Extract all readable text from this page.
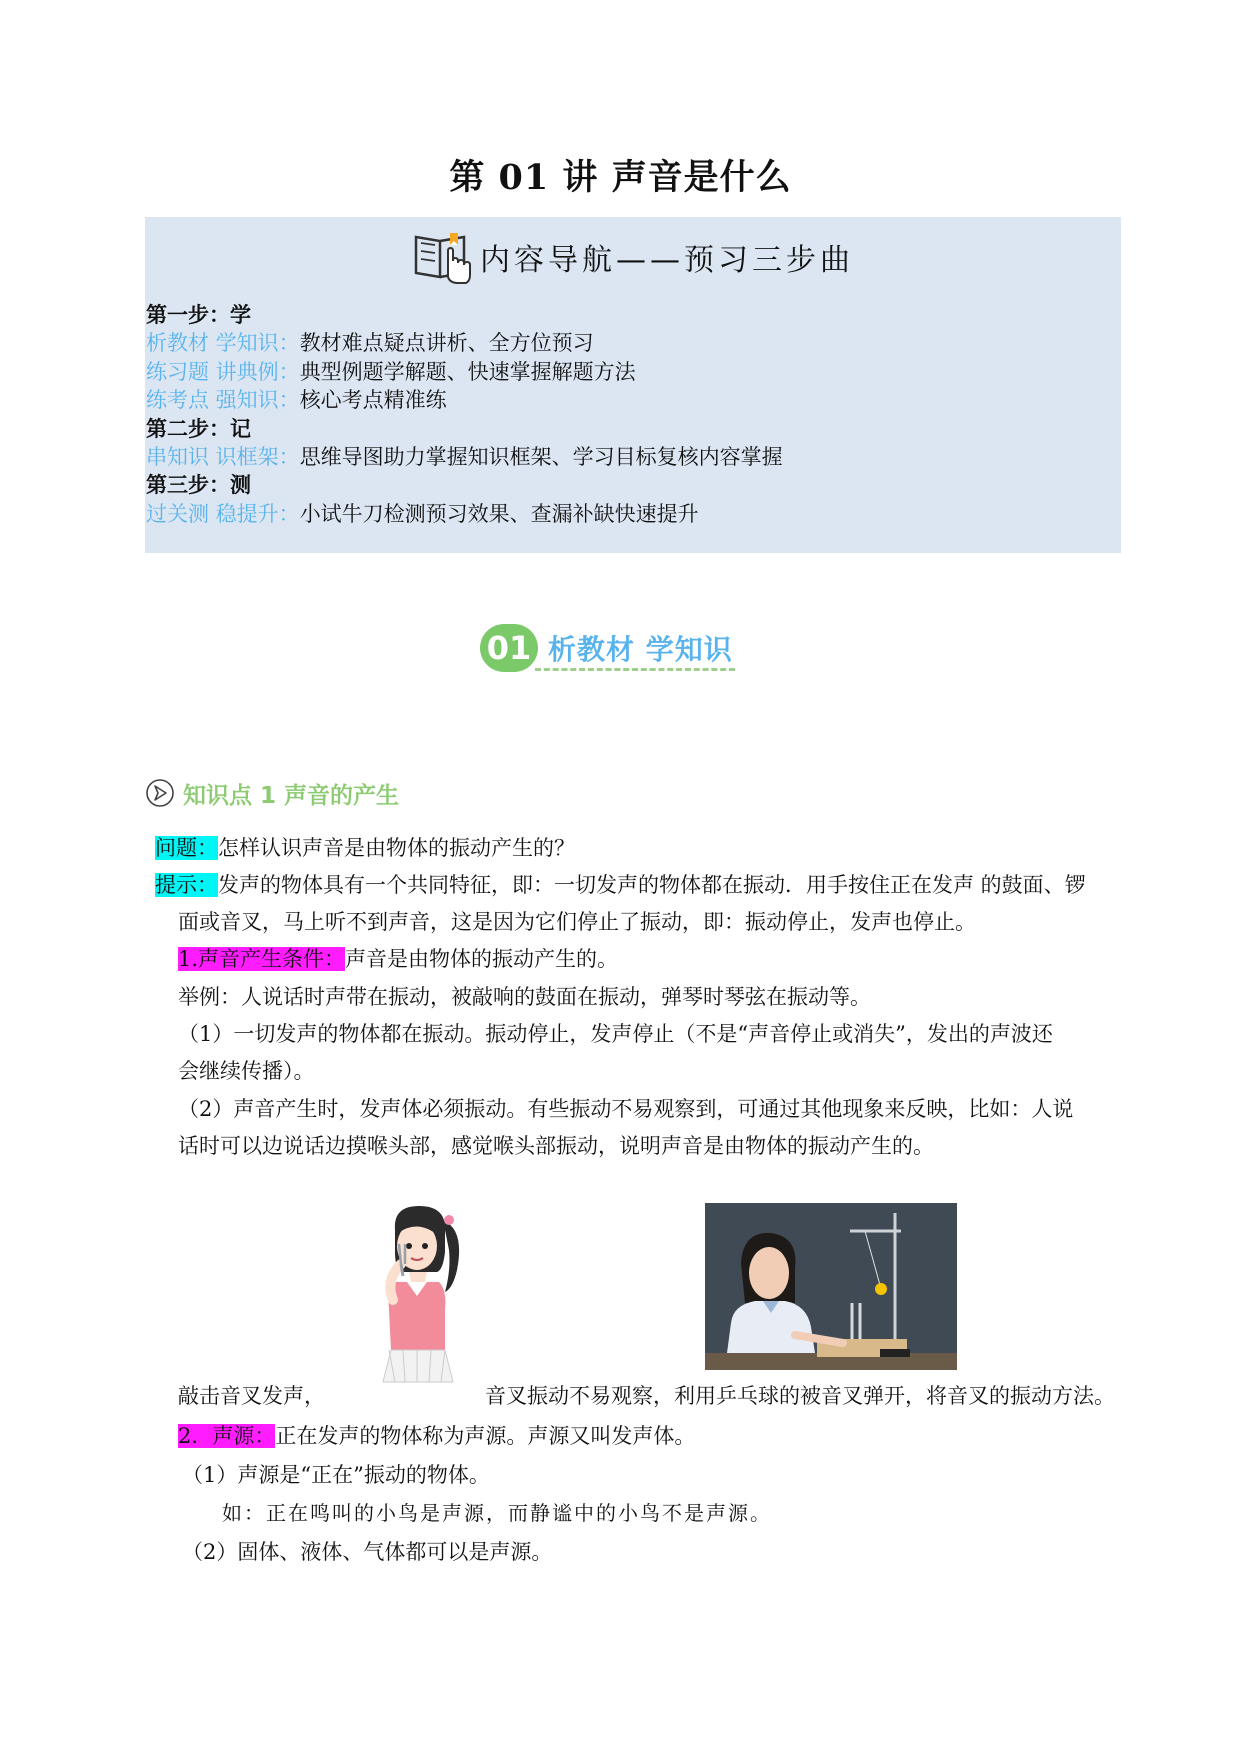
第 01 讲 声音是什么
内容导航——预习三步曲
第一步：学
析教材 学知识：教材难点疑点讲析、全方位预习
练习题 讲典例：典型例题学解题、快速掌握解题方法
练考点 强知识：核心考点精准练
第二步：记
串知识 识框架：思维导图助力掌握知识框架、学习目标复核内容掌握
第三步：测
过关测 稳提升：小试牛刀检测预习效果、查漏补缺快速提升
01 析教材 学知识
知识点 1 声音的产生

问题：怎样认识声音是由物体的振动产生的？

提示：发声的物体具有一个共同特征，即：一切发声的物体都在振动．用手按住正在发声 的鼓面、锣
面或音叉，马上听不到声音，这是因为它们停止了振动，即：振动停止，发声也停止。

1.声音产生条件：声音是由物体的振动产生的。

举例：人说话时声带在振动，被敲响的鼓面在振动，弹琴时琴弦在振动等。

（1）一切发声的物体都在振动。振动停止，发声停止（不是“声音停止或消失”，发出的声波还
会继续传播）。
（2）声音产生时，发声体必须振动。有些振动不易观察到，可通过其他现象来反映，比如：人说
话时可以边说话边摸喉头部，感觉喉头部振动，说明声音是由物体的振动产生的。
敲击音叉发声，	音叉振动不易观察，利用乒乓球的被音叉弹开，将音叉的振动方法。

2．声源：正在发声的物体称为声源。声源又叫发声体。

（1）声源是“正在”振动的物体。

如：正在鸣叫的小鸟是声源，而静谧中的小鸟不是声源。

（2）固体、液体、气体都可以是声源。
